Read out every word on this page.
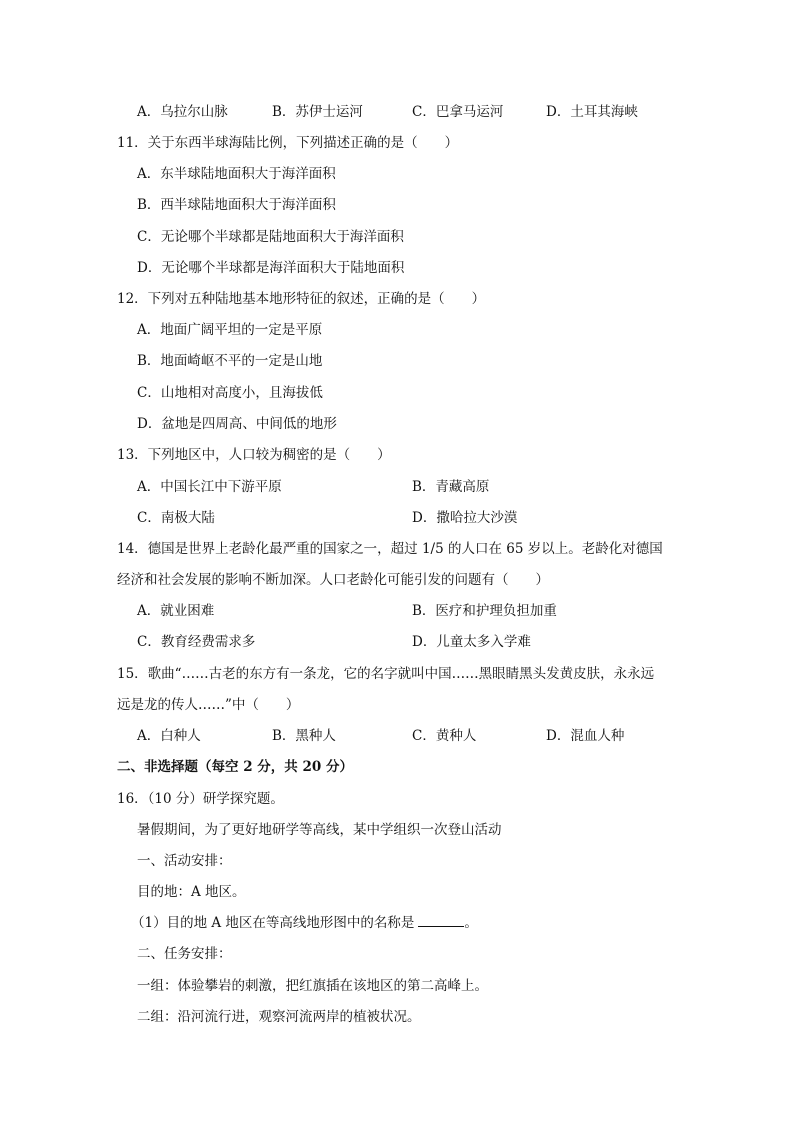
A．乌拉尔山脉	B．苏伊士运河	C．巴拿马运河	D．土耳其海峡
11．关于东西半球海陆比例，下列描述正确的是（　　）
A．东半球陆地面积大于海洋面积
B．西半球陆地面积大于海洋面积
C．无论哪个半球都是陆地面积大于海洋面积
D．无论哪个半球都是海洋面积大于陆地面积
12．下列对五种陆地基本地形特征的叙述，正确的是（　　）
A．地面广阔平坦的一定是平原
B．地面崎岖不平的一定是山地
C．山地相对高度小，且海拔低
D．盆地是四周高、中间低的地形
13．下列地区中，人口较为稠密的是（　　）
A．中国长江中下游平原	B．青藏高原
C．南极大陆	D．撒哈拉大沙漠
14．德国是世界上老龄化最严重的国家之一，超过 1/5 的人口在 65 岁以上。老龄化对德国
经济和社会发展的影响不断加深。人口老龄化可能引发的问题有（　　）
A．就业困难	B．医疗和护理负担加重
C．教育经费需求多	D．儿童太多入学难
15．歌曲“……古老的东方有一条龙，它的名字就叫中国……黑眼睛黑头发黄皮肤，永永远
远是龙的传人……”中（　　）
A．白种人	B．黑种人	C．黄种人	D．混血人种
二、非选择题（每空 2 分，共 20 分）
16．（10 分）研学探究题。
暑假期间，为了更好地研学等高线，某中学组织一次登山活动
一、活动安排：
目的地：A 地区。
（1）目的地 A 地区在等高线地形图中的名称是	。
二、任务安排：
一组：体验攀岩的刺激，把红旗插在该地区的第二高峰上。
二组：沿河流行进，观察河流两岸的植被状况。
